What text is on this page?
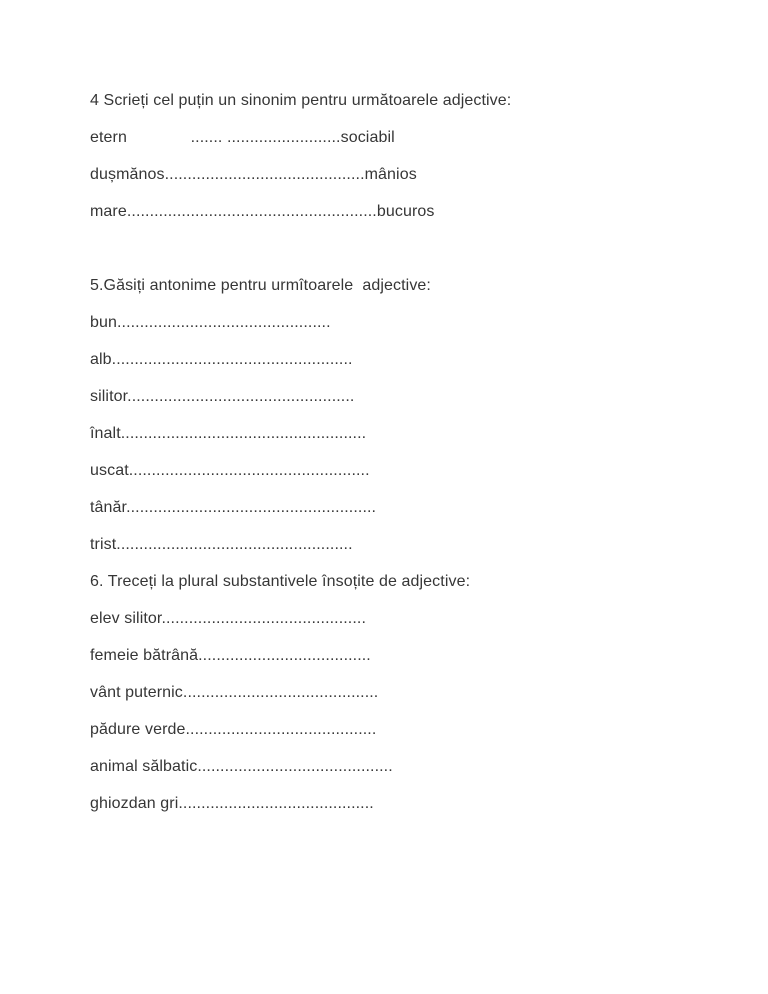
4 Scrieți cel puțin un sinonim pentru următoarele adjective:

etern              ....... .........................sociabil

dușmănos............................................mânios

mare.......................................................bucuros

5.Găsiți antonime pentru urmîtoarele  adjective:

bun...............................................

alb.....................................................

silitor..................................................

înalt......................................................

uscat.....................................................

tânăr.......................................................

trist....................................................

6. Treceți la plural substantivele însoțite de adjective:

elev silitor.............................................

femeie bătrână......................................

vânt puternic...........................................

pădure verde..........................................

animal sălbatic...........................................

ghiozdan gri...........................................
